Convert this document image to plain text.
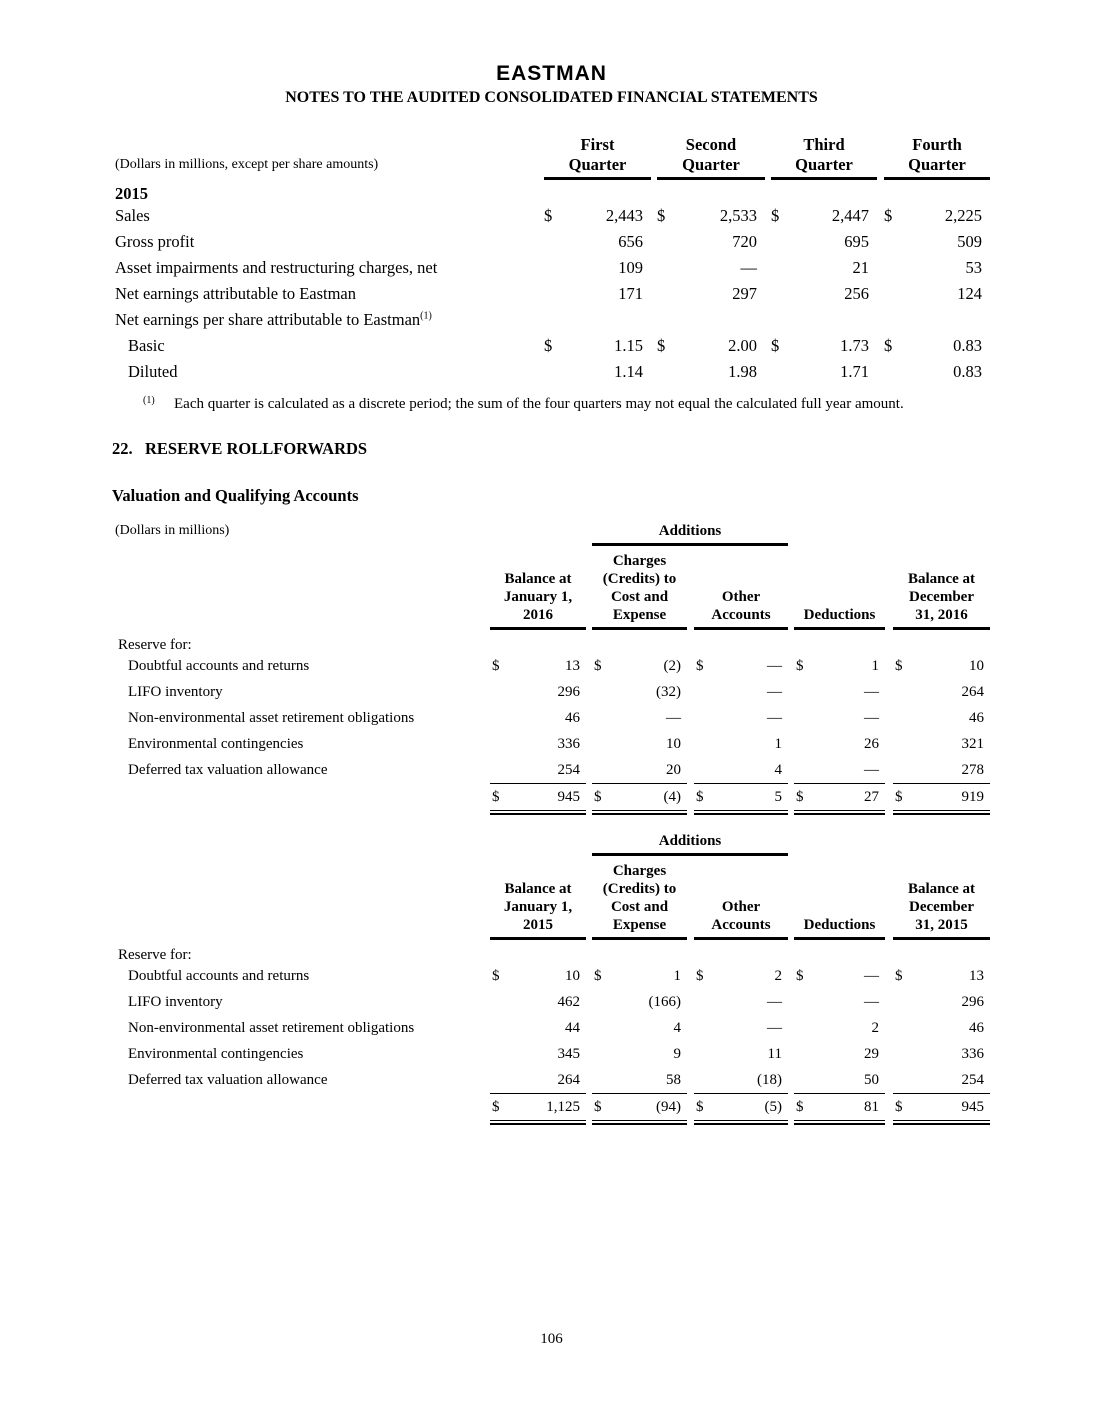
EASTMAN
NOTES TO THE AUDITED CONSOLIDATED FINANCIAL STATEMENTS
(Dollars in millions, except per share amounts)
First
Quarter
Second
Quarter
Third
Quarter
Fourth
Quarter
2015
Sales	$	2,443 $	2,533 $	2,447 $	2,225
Gross profit	656	720	695	509
Asset impairments and restructuring charges, net	109	—	21	53
Net earnings attributable to Eastman	171	297	256	124
Net earnings per share attributable to Eastman$^{(1)}$
Basic	$	1.15 $	2.00 $	1.73 $	0.83
Diluted	1.14	1.98	1.71	0.83
(1) Each quarter is calculated as a discrete period; the sum of the four quarters may not equal the calculated full year amount.
22.   RESERVE ROLLFORWARDS
Valuation and Qualifying Accounts
(Dollars in millions)	Additions
Balance at
January 1,
2016
Charges
(Credits) to
Cost and
Expense
Other
Accounts	Deductions
Balance at
December
31, 2016
Reserve for:
Doubtful accounts and returns	$	13 $	(2) $	— $	1 $	10
LIFO inventory	296	(32)	—	—	264
Non-environmental asset retirement obligations	46	—	—	—	46
Environmental contingencies	336	10	1	26	321
Deferred tax valuation allowance	254	20	4	—	278
$	945 $	(4) $	5 $	27 $	919
Additions
Balance at
January 1,
2015
Charges
(Credits) to
Cost and
Expense
Other
Accounts	Deductions
Balance at
December
31, 2015
Reserve for:
Doubtful accounts and returns	$	10 $	1 $	2 $	— $	13
LIFO inventory	462	(166)	—	—	296
Non-environmental asset retirement obligations	44	4	—	2	46
Environmental contingencies	345	9	11	29	336
Deferred tax valuation allowance	264	58	(18)	50	254
$	1,125 $	(94) $	(5) $	81 $	945
106
